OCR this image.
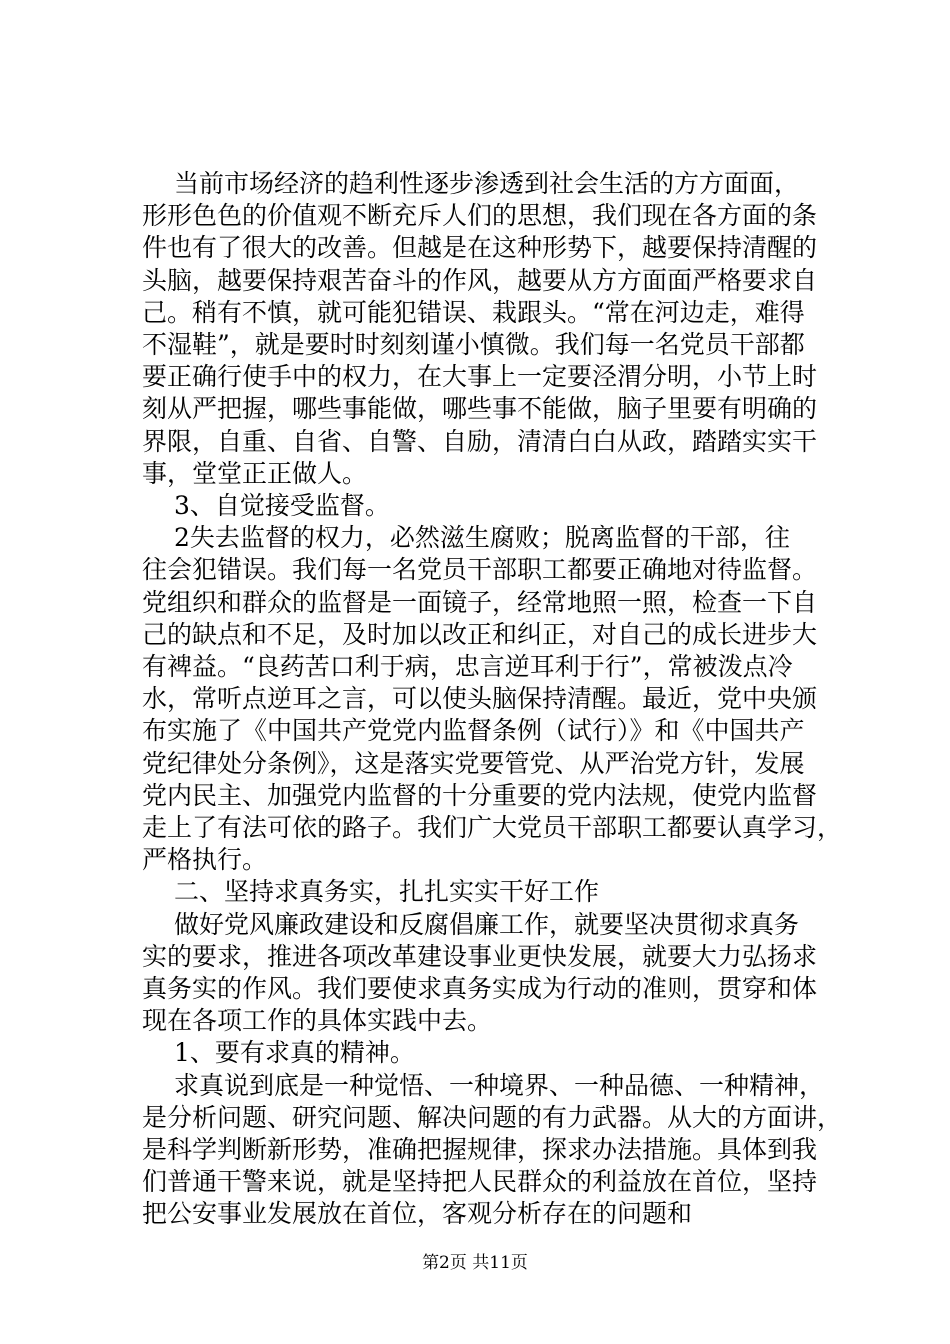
当前市场经济的趋利性逐步渗透到社会生活的方方面面，
形形色色的价值观不断充斥人们的思想，我们现在各方面的条
件也有了很大的改善。但越是在这种形势下，越要保持清醒的
头脑，越要保持艰苦奋斗的作风，越要从方方面面严格要求自
己。稍有不慎，就可能犯错误、栽跟头。“常在河边走，难得
不湿鞋”，就是要时时刻刻谨小慎微。我们每一名党员干部都
要正确行使手中的权力，在大事上一定要泾渭分明，小节上时
刻从严把握，哪些事能做，哪些事不能做，脑子里要有明确的
界限，自重、自省、自警、自励，清清白白从政，踏踏实实干
事，堂堂正正做人。
3、自觉接受监督。
2失去监督的权力，必然滋生腐败；脱离监督的干部，往
往会犯错误。我们每一名党员干部职工都要正确地对待监督。
党组织和群众的监督是一面镜子，经常地照一照，检查一下自
己的缺点和不足，及时加以改正和纠正，对自己的成长进步大
有裨益。“良药苦口利于病，忠言逆耳利于行”，常被泼点冷
水，常听点逆耳之言，可以使头脑保持清醒。最近，党中央颁
布实施了《中国共产党党内监督条例（试行）》和《中国共产
党纪律处分条例》，这是落实党要管党、从严治党方针，发展
党内民主、加强党内监督的十分重要的党内法规，使党内监督
走上了有法可依的路子。我们广大党员干部职工都要认真学习，
严格执行。
二、坚持求真务实，扎扎实实干好工作
做好党风廉政建设和反腐倡廉工作，就要坚决贯彻求真务
实的要求，推进各项改革建设事业更快发展，就要大力弘扬求
真务实的作风。我们要使求真务实成为行动的准则，贯穿和体
现在各项工作的具体实践中去。
1、要有求真的精神。
求真说到底是一种觉悟、一种境界、一种品德、一种精神，
是分析问题、研究问题、解决问题的有力武器。从大的方面讲，
是科学判断新形势，准确把握规律，探求办法措施。具体到我
们普通干警来说，就是坚持把人民群众的利益放在首位，坚持
把公安事业发展放在首位，客观分析存在的问题和
第2页 共11页
